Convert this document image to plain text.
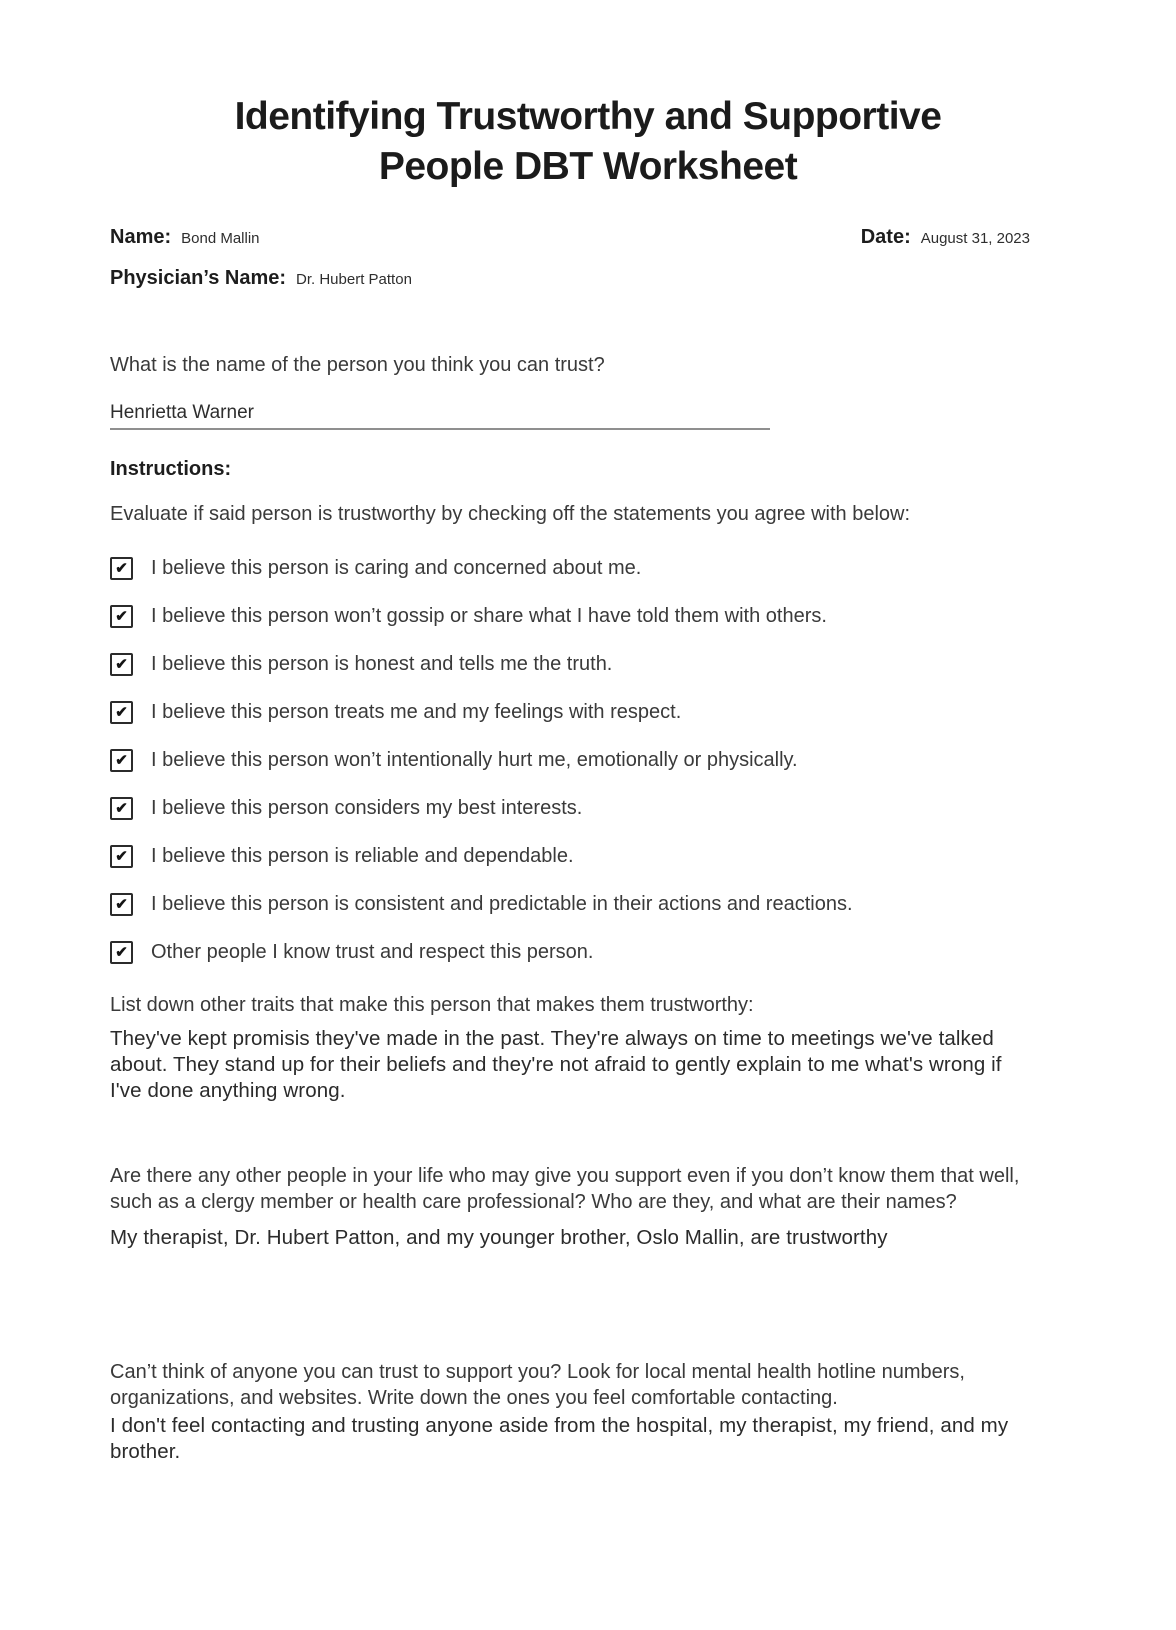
Identifying Trustworthy and Supportive
People DBT Worksheet
Name: Bond Mallin	Date: August 31, 2023
Physician’s Name: Dr. Hubert Patton
What is the name of the person you think you can trust?
Henrietta Warner
Instructions:
Evaluate if said person is trustworthy by checking off the statements you agree with below:
✔ I believe this person is caring and concerned about me.
✔ I believe this person won’t gossip or share what I have told them with others.
✔ I believe this person is honest and tells me the truth.
✔ I believe this person treats me and my feelings with respect.
✔ I believe this person won’t intentionally hurt me, emotionally or physically.
✔ I believe this person considers my best interests.
✔ I believe this person is reliable and dependable.
✔ I believe this person is consistent and predictable in their actions and reactions.
✔ Other people I know trust and respect this person.
List down other traits that make this person that makes them trustworthy:
They've kept promisis they've made in the past. They're always on time to meetings we've talked about. They stand up for their beliefs and they're not afraid to gently explain to me what's wrong if I've done anything wrong.
Are there any other people in your life who may give you support even if you don’t know them that well, such as a clergy member or health care professional? Who are they, and what are their names?
My therapist, Dr. Hubert Patton, and my younger brother, Oslo Mallin, are trustworthy
Can’t think of anyone you can trust to support you? Look for local mental health hotline numbers, organizations, and websites. Write down the ones you feel comfortable contacting.
I don't feel contacting and trusting anyone aside from the hospital, my therapist, my friend, and my brother.
